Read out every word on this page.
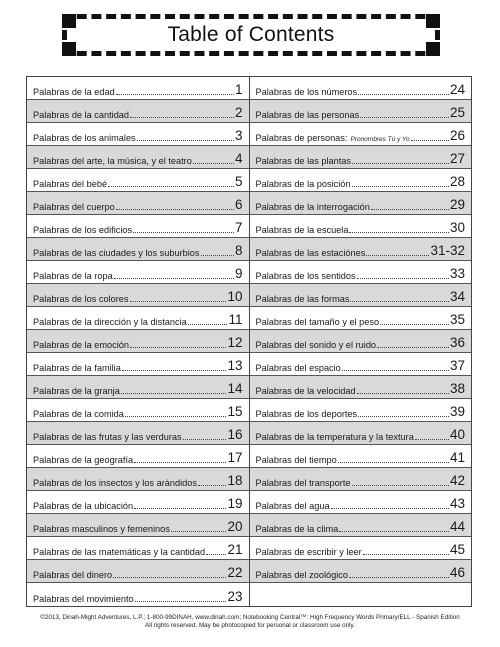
Table of Contents
Palabras de la edad	1
Palabras de la cantidad	2
Palabras de los animales	3
Palabras del arte, la música, y el teatro	4
Palabras del bebé	5
Palabras del cuerpo	6
Palabras de los edificios	7
Palabras de las ciudades y los suburbios	8
Palabras de la ropa	9
Palabras de los colores	10
Palabras de la dirección y la distancia	11
Palabras de la emoción	12
Palabras de la familia	13
Palabras de la granja	14
Palabras de la comida	15
Palabras de las frutas y las verduras	16
Palabras de la geografía	17
Palabras de los insectos y los arándidos 18
Palabras de la ubicación	19
Palabras masculinos y femeninos	20
Palabras de las matemáticas y la cantidad 21
Palabras del dinero	22
Palabras del movimiento	23
Palabras de los números	24
Palabras de las personas	25
Palabras de personas: Pronombres Tú y Yo	26
Palabras de las plantas	27
Palabras de la posición	28
Palabras de la interrogación	29
Palabras de la escuela	30
Palabras de las estaciónes	31-32
Palabras de los sentidos	33
Palabras de las formas	34
Palabras del tamaño y el peso	35
Palabras del sonido y el ruido	36
Palabras del espacio	37
Palabras de la velocidad	38
Palabras de los deportes	39
Palabras de la temperatura y la textura	40
Palabras del tiempo	41
Palabras del transporte	42
Palabras del agua	43
Palabras de la clima	44
Palabras de escribir y leer	45
Palabras del zoológico	46
©2013, Dinah-Might Adventures, L.P.; 1-800-99DINAH, www.dinah.com; Notebooking Central™: High Frequency Words Primary/ELL - Spanish Edition
All rights reserved. May be photocopied for personal or classroom use only.
